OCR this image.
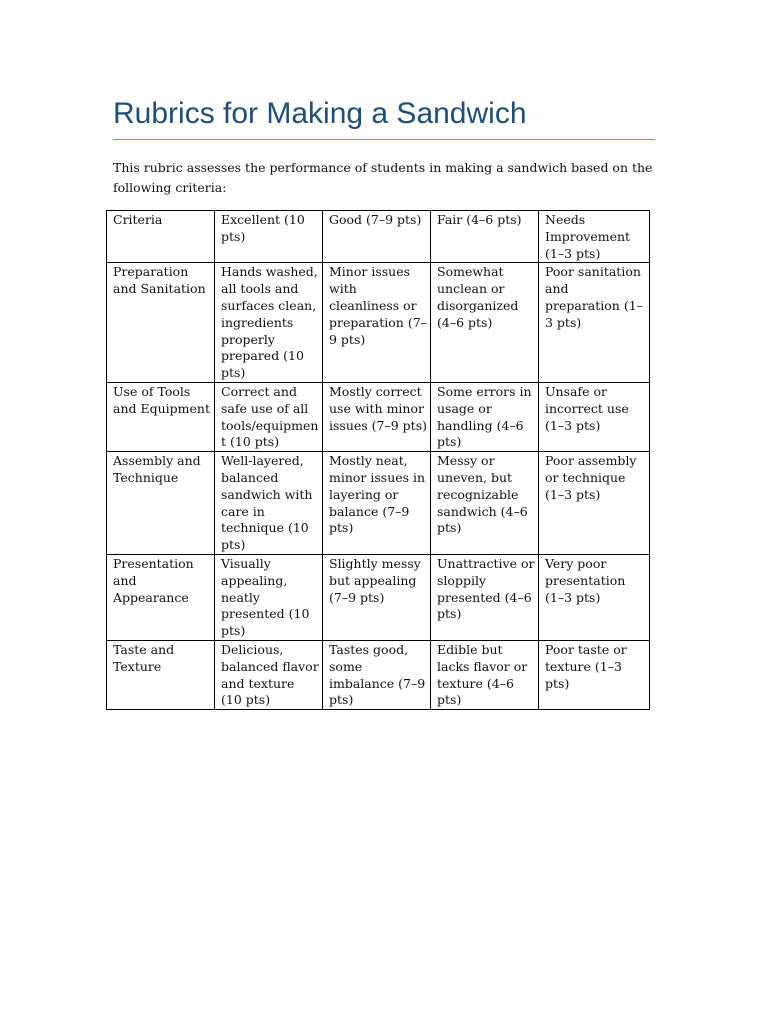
Rubrics for Making a Sandwich

This rubric assesses the performance of students in making a sandwich based on the following criteria:

Criteria	Excellent (10 pts)	Good (7–9 pts)	Fair (4–6 pts)	Needs Improvement (1–3 pts)
Preparation and Sanitation	Hands washed, all tools and surfaces clean, ingredients properly prepared (10 pts)	Minor issues with cleanliness or preparation (7–9 pts)	Somewhat unclean or disorganized (4–6 pts)	Poor sanitation and preparation (1–3 pts)
Use of Tools and Equipment	Correct and safe use of all tools/equipment (10 pts)	Mostly correct use with minor issues (7–9 pts)	Some errors in usage or handling (4–6 pts)	Unsafe or incorrect use (1–3 pts)
Assembly and Technique	Well-layered, balanced sandwich with care in technique (10 pts)	Mostly neat, minor issues in layering or balance (7–9 pts)	Messy or uneven, but recognizable sandwich (4–6 pts)	Poor assembly or technique (1–3 pts)
Presentation and Appearance	Visually appealing, neatly presented (10 pts)	Slightly messy but appealing (7–9 pts)	Unattractive or sloppily presented (4–6 pts)	Very poor presentation (1–3 pts)
Taste and Texture	Delicious, balanced flavor and texture (10 pts)	Tastes good, some imbalance (7–9 pts)	Edible but lacks flavor or texture (4–6 pts)	Poor taste or texture (1–3 pts)
